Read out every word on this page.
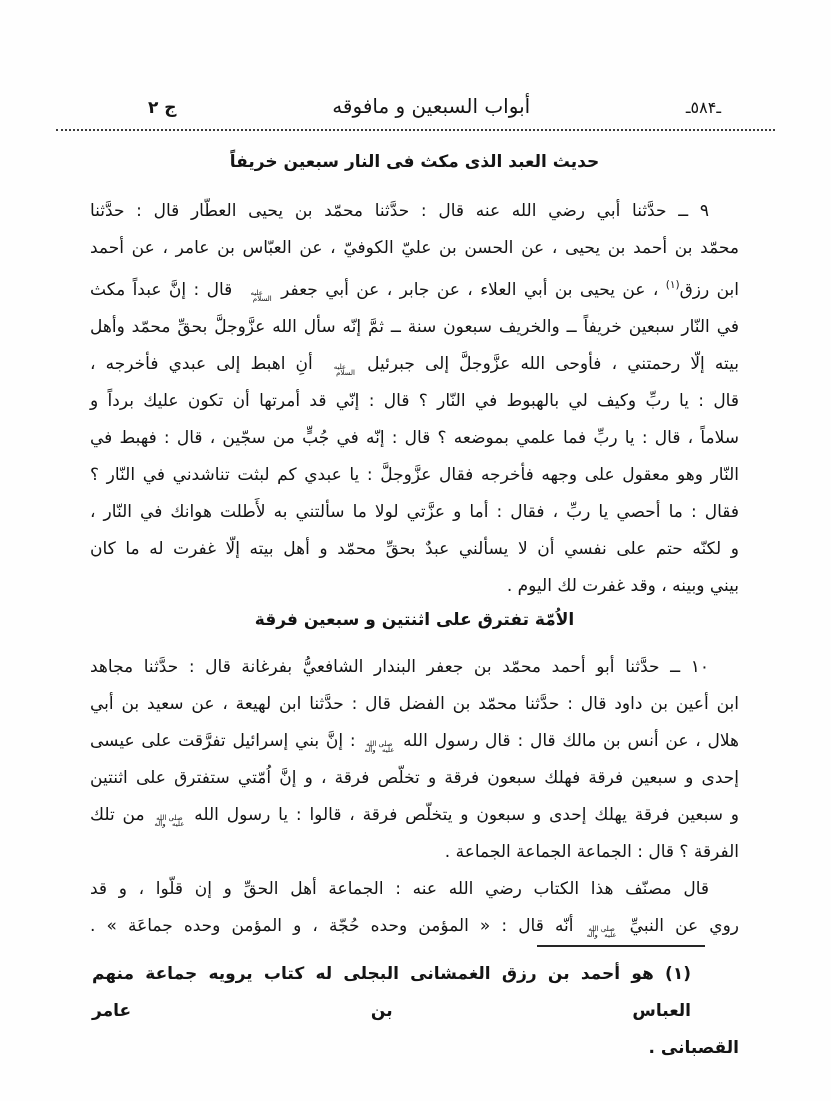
ج ٢	أبواب السبعين و مافوقه	ـ٥٨۴ـ
حديث العبد الذى مكث فى النار سبعين خريفاً
٩ ــ حدَّثنا أبي رضي الله عنه قال : حدَّثنا محمّد بن يحيى العطّار قال : حدَّثنا
محمّد بن أحمد بن يحيى ، عن الحسن بن عليّ الكوفيّ ، عن العبّاس بن عامر ، عن أحمد
ابن رزق$^{(١)}$ ، عن يحيى بن أبي العلاء ، عن جابر ، عن أبي جعفر عليه السلام قال : إنَّ عبداً مكث
في النّار سبعين خريفاً ــ والخريف سبعون سنة ــ ثمَّ إنّه سأل الله عزَّوجلَّ بحقِّ محمّد وأهل
بيته إلّا رحمتني ، فأوحى الله عزَّوجلَّ إلى جبرئيل عليه السلام أنِ اهبط إلى عبدي فأخرجه ،
قال : يا ربِّ وكيف لي بالهبوط في النّار ؟ قال : إنّي قد أمرتها أن تكون عليك برداً و
سلاماً ، قال : يا ربِّ فما علمي بموضعه ؟ قال : إنّه في جُبٍّ من سجّين ، قال : فهبط في
النّار وهو معقول على وجهه فأخرجه فقال عزَّوجلَّ : يا عبدي كم لبثت تناشدني في النّار ؟
فقال : ما أحصي يا ربِّ ، فقال : أما و عزَّتي لولا ما سألتني به لأَطلت هوانك في النّار ،
و لكنّه حتم على نفسي أن لا يسألني عبدٌ بحقِّ محمّد و أهل بيته إلّا غفرت له ما كان
بيني وبينه ، وقد غفرت لك اليوم .
الاُمّة تفترق على اثنتين و سبعين فرقة
١٠ ــ حدَّثنا أبو أحمد محمّد بن جعفر البندار الشافعيُّ بفرغانة قال : حدَّثنا مجاهد
ابن أعين بن داود قال : حدَّثنا محمّد بن الفضل قال : حدَّثنا ابن لهيعة ، عن سعيد بن أبي
هلال ، عن أنس بن مالك قال : قال رسول الله صلى الله عليه وآله : إنَّ بني إسرائيل تفرَّقت على عيسى
إحدى و سبعين فرقة فهلك سبعون فرقة و تخلّص فرقة ، و إنَّ اُمّتي ستفترق على اثنتين
و سبعين فرقة يهلك إحدى و سبعون و يتخلّص فرقة ، قالوا : يا رسول الله صلى الله عليه وآله من تلك
الفرقة ؟ قال : الجماعة الجماعة الجماعة .
قال مصنّف هذا الكتاب رضي الله عنه : الجماعة أهل الحقِّ و إن قلّوا ، و قد
روي عن النبيِّ صلى الله عليه وآله أنّه قال : « المؤمن وحده حُجّة ، و المؤمن وحده جماعَة » .
(١) هو أحمد بن رزق الغمشانى البجلى له كتاب يرويه جماعة منهم العباس بن عامر
القصبانى .
